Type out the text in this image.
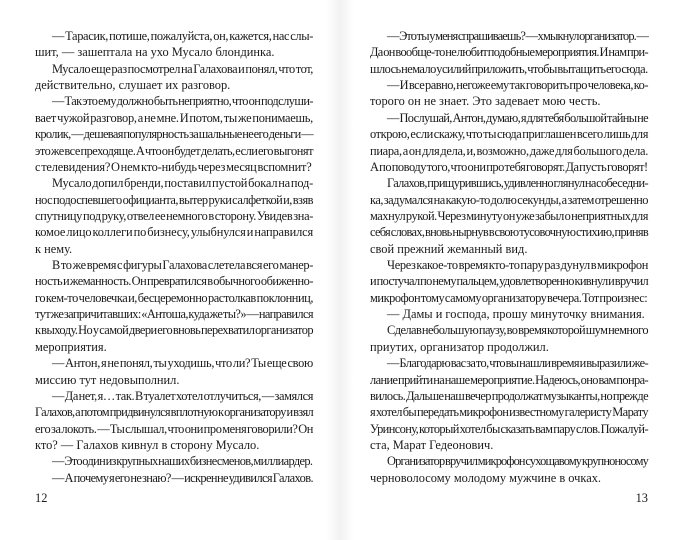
— Тарасик, потише, пожалуйста, он, кажется, нас слы-
шит, — зашептала на ухо Мусало блондинка.
Мусало еще раз посмотрел на Галахова и понял, что тот,
действительно, слушает их разговор.
— Так это ему должно быть неприятно, что он подслуши-
вает чужой разговор, а не мне. И потом, ты же понимаешь,
кролик, — дешевая популярность за шальные не его деньги —
это же все преходяще. А что он будет делать, если его выгонят
с телевидения? О нем кто-нибудь через месяц вспомнит?
Мусало допил бренди, поставил пустой бокал на под-
нос подоспевшего официанта, вытер руки салфеткой и, взяв
спутницу под руку, отвел ее немного в сторону. Увидев зна-
комое лицо коллеги по бизнесу, улыбнулся и направился
к нему.
В то же время с фигуры Галахова слетела вся его манер-
ность и жеманность. Он превратился в обычного обиженно-
го кем-то человечка и, бесцеремонно растолкав поклонниц,
тут же запричитавших: «Антоша, куда же ты?» — направился
к выходу. Но у самой двери его вновь перехватил организатор
мероприятия.
— Антон, я не понял, ты уходишь, что ли? Ты еще свою
миссию тут недовыполнил.
— Да нет, я… так. В туалет хотел отлучиться, — замялся
Галахов, а потом придвинулся вплотную к организатору и взял
его за локоть. — Ты слышал, что они про меня говорили? Он
кто? — Галахов кивнул в сторону Мусало.
— Это один из крупных наших бизнесменов, миллиардер.
— А почему я его не знаю? — искренне удивился Галахов.
12
— Это ты у меня спрашиваешь? — хмыкнул организатор. —
Да он вообще-то не любит подобные мероприятия. И нам при-
шлось немало усилий приложить, чтобы вытащить его сюда.
— И все равно, негоже ему так говорить про человека, ко-
торого он не знает. Это задевает мою честь.
— Послушай, Антон, думаю, я для тебя большой тайны не
открою, если скажу, что ты сюда приглашен всего лишь для
пиара, а он для дела, и, возможно, даже для большого дела.
А по поводу того, что они про тебя говорят. Да пусть говорят!
Галахов, прищурившись, удивленно глянул на собеседни-
ка, задумался на какую-то долю секунды, а затем отрешенно
махнул рукой. Через минуту он уже забыл о неприятных для
себя словах, вновь нырнув в свою тусовочную стихию, приняв
свой прежний жеманный вид.
Через какое-то время кто-то пару раз дунул в микрофон
и постучал по нему пальцем, удовлетворенно кивнул и вручил
микрофон тому самому организатору вечера. Тот произнес:
— Дамы и господа, прошу минуточку внимания.
Сделав небольшую паузу, во время которой шум немного
приутих, организатор продолжил.
— Благодарю вас за то, что вы нашли время и выразили же-
лание прийти на наше мероприятие. Надеюсь, оно вам понра-
вилось. Дальше наш вечер продолжат музыканты, но прежде
я хотел бы передать микрофон известному галеристу Марату
Уринсону, который хотел бы сказать вам пару слов. Пожалуй-
ста, Марат Гедеонович.
Организатор вручил микрофон сухощавому крупноносому
черноволосому молодому мужчине в очках.
13
